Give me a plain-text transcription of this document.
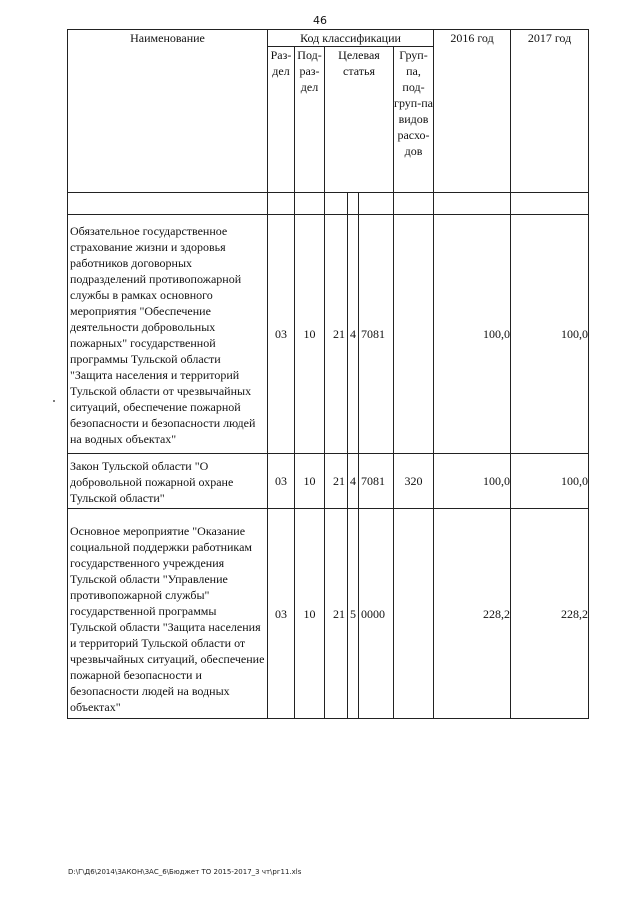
46
Наименование	Код классификации						2016 год	2017 год
	Раз-дел	Под-раз-дел	Целевая статья			Груп-па, под-груп-па видов расхо-дов		

Обязательное государственное страхование жизни и здоровья работников договорных подразделений противопожарной службы в рамках основного мероприятия "Обеспечение деятельности добровольных пожарных" государственной программы Тульской области "Защита населения и территорий Тульской области от чрезвычайных ситуаций, обеспечение пожарной безопасности и безопасности людей на водных объектах"	03	10	21	4	7081		100,0	100,0
Закон Тульской области "О добровольной пожарной охране Тульской области"	03	10	21	4	7081	320	100,0	100,0
Основное мероприятие "Оказание социальной поддержки работникам государственного учреждения Тульской области "Управление противопожарной службы" государственной программы Тульской области "Защита населения и территорий Тульской области от чрезвычайных ситуаций, обеспечение пожарной безопасности и безопасности людей на водных объектах"	03	10	21	5	0000		228,2	228,2
D:\Г\Д6\2014\ЗАКОН\ЗАС_6\Бюджет ТО 2015-2017_3 чт\рг11.xls
